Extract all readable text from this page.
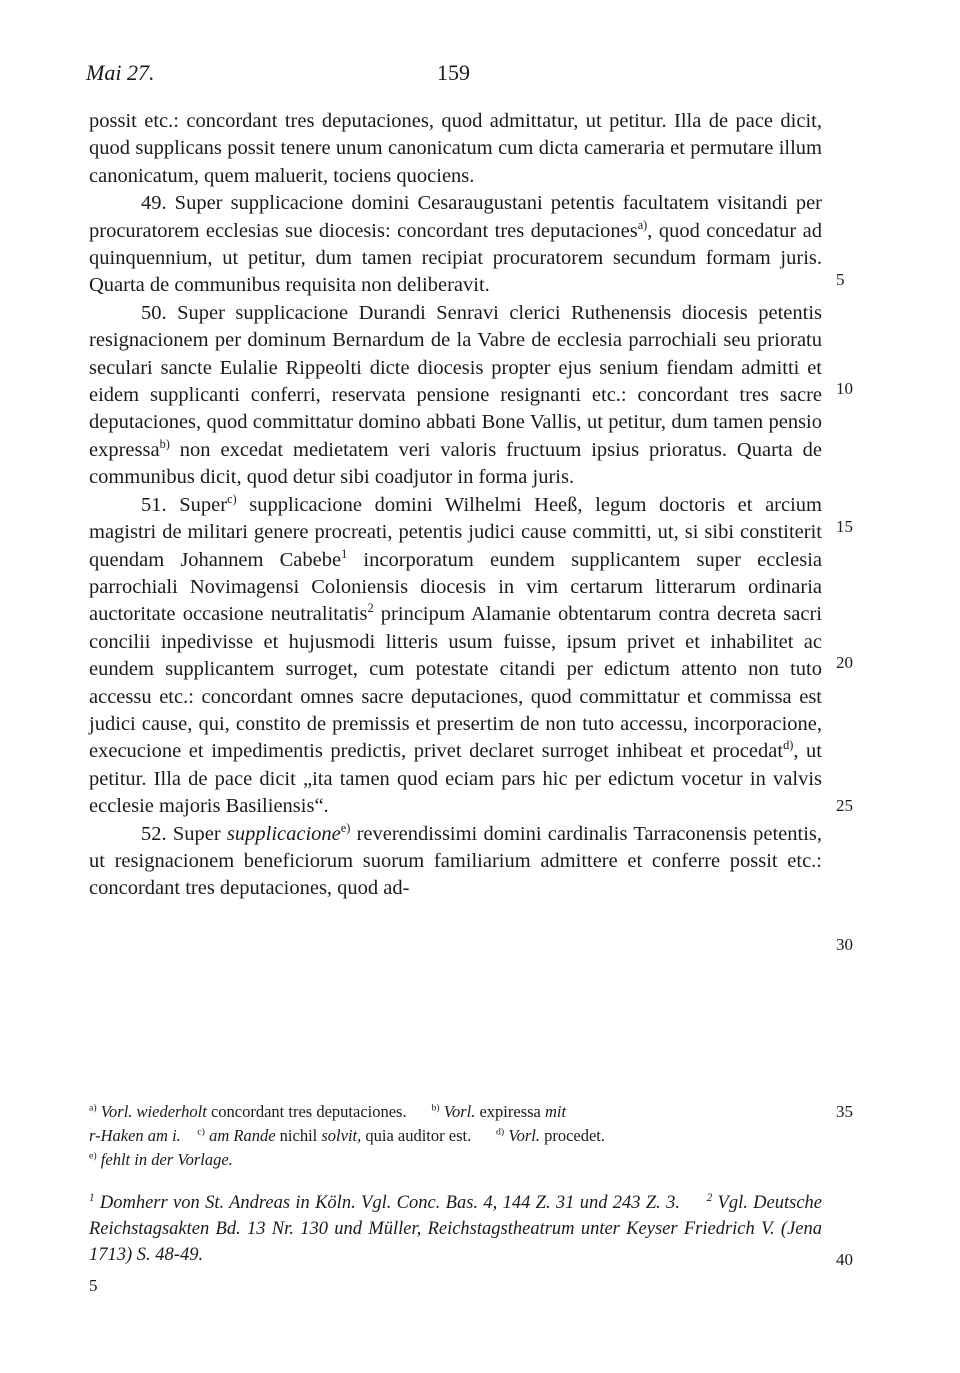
Mai 27.	159

possit etc.: concordant tres deputaciones, quod admittatur, ut petitur. Illa de pace dicit, quod supplicans possit tenere unum canonicatum cum dicta cameraria et permutare illum canonicatum, quem maluerit, tociens quociens.

49. Super supplicacione domini Cesaraugustani petentis facultatem visitandi per procuratorem ecclesias sue diocesis: concordant tres deputaciones$^{a)}$, quod concedatur ad quinquennium, ut petitur, dum tamen recipiat procuratorem secundum formam juris. Quarta de communibus requisita non deliberavit.

50. Super supplicacione Durandi Senravi clerici Ruthenensis diocesis petentis resignacionem per dominum Bernardum de la Vabre de ecclesia parrochiali seu prioratu seculari sancte Eulalie Rippeolti dicte diocesis propter ejus senium fiendam admitti et eidem supplicanti conferri, reservata pensione resignanti etc.: concordant tres sacre deputaciones, quod committatur domino abbati Bone Vallis, ut petitur, dum tamen pensio expressa$^{b)}$ non excedat medietatem veri valoris fructuum ipsius prioratus. Quarta de communibus dicit, quod detur sibi coadjutor in forma juris.

51. Super$^{c)}$ supplicacione domini Wilhelmi Heeß, legum doctoris et arcium magistri de militari genere procreati, petentis judici cause committi, ut, si sibi constiterit quendam Johannem Cabebe$^1$ incorporatum eundem supplicantem super ecclesia parrochiali Novimagensi Coloniensis diocesis in vim certarum litterarum ordinaria auctoritate occasione neutralitatis$^2$ principum Alamanie obtentarum contra decreta sacri concilii inpedivisse et hujusmodi litteris usum fuisse, ipsum privet et inhabilitet ac eundem supplicantem surroget, cum potestate citandi per edictum attento non tuto accessu etc.: concordant omnes sacre deputaciones, quod committatur et commissa est judici cause, qui, constito de premissis et presertim de non tuto accessu, incorporacione, execucione et impedimentis predictis, privet declaret surroget inhibeat et procedat$^{d)}$, ut petitur. Illa de pace dicit „ita tamen quod eciam pars hic per edictum vocetur in valvis ecclesie majoris Basiliensis“.

52. Super supplicacione$^{e)}$ reverendissimi domini cardinalis Tarraconensis petentis, ut resignacionem beneficiorum suorum familiarium admittere et conferre possit etc.: concordant tres deputaciones, quod ad-

5
10
15
20
25
30
35
40

$^{a)}$ Vorl. wiederholt concordant tres deputaciones.	$^{b)}$ Vorl. expiressa mit

r-Haken am i. $^{c)}$ am Rande nichil solvit, quia auditor est.	$^{d)}$ Vorl. procedet.

$^{e)}$ fehlt in der Vorlage.

$^1$ Domherr von St. Andreas in Köln. Vgl. Conc. Bas. 4, 144 Z. 31 und 243 Z. 3. $^2$ Vgl. Deutsche Reichstagsakten Bd. 13 Nr. 130 und Müller, Reichstagstheatrum unter Keyser Friedrich V. (Jena 1713) S. 48-49.

5
